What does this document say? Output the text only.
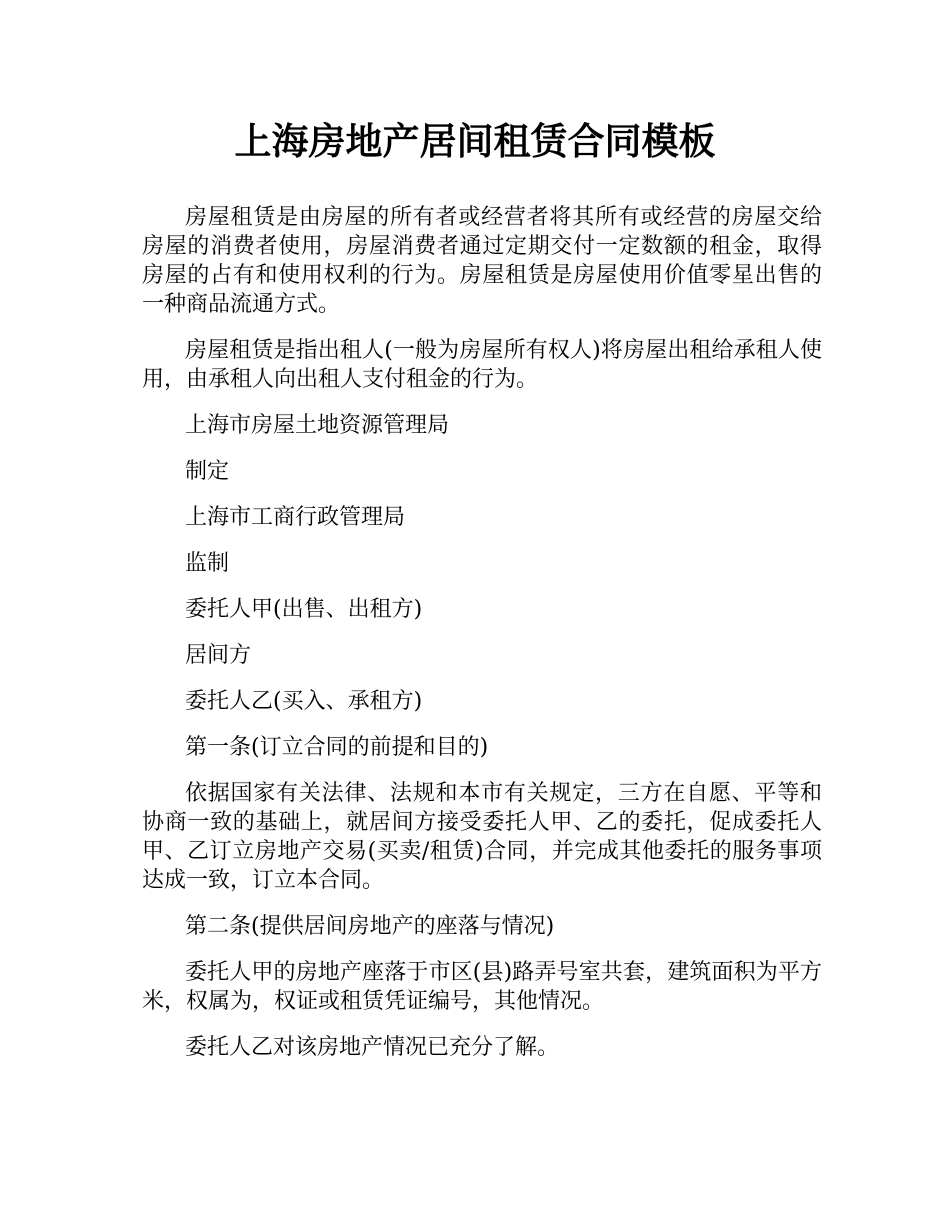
上海房地产居间租赁合同模板

房屋租赁是由房屋的所有者或经营者将其所有或经营的房屋交给房屋的消费者使用，房屋消费者通过定期交付一定数额的租金，取得房屋的占有和使用权利的行为。房屋租赁是房屋使用价值零星出售的一种商品流通方式。

房屋租赁是指出租人(一般为房屋所有权人)将房屋出租给承租人使用，由承租人向出租人支付租金的行为。

上海市房屋土地资源管理局

制定

上海市工商行政管理局

监制

委托人甲(出售、出租方)

居间方

委托人乙(买入、承租方)

第一条(订立合同的前提和目的)

依据国家有关法律、法规和本市有关规定，三方在自愿、平等和协商一致的基础上，就居间方接受委托人甲、乙的委托，促成委托人甲、乙订立房地产交易(买卖/租赁)合同，并完成其他委托的服务事项达成一致，订立本合同。

第二条(提供居间房地产的座落与情况)

委托人甲的房地产座落于市区(县)路弄号室共套，建筑面积为平方米，权属为，权证或租赁凭证编号，其他情况。

委托人乙对该房地产情况已充分了解。
